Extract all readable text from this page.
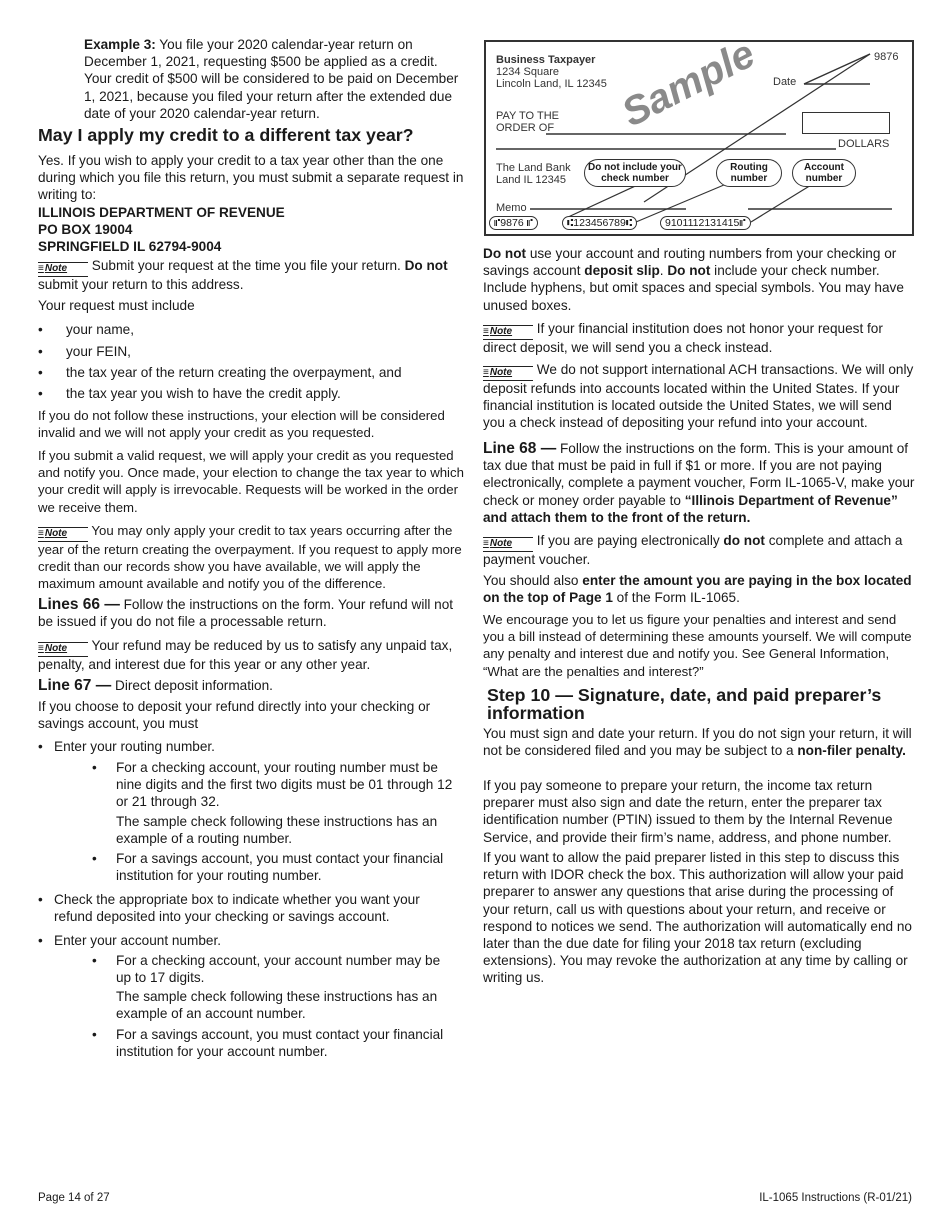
Example 3: You file your 2020 calendar-year return on December 1, 2021, requesting $500 be applied as a credit. Your credit of $500 will be considered to be paid on December 1, 2021, because you filed your return after the extended due date of your 2020 calendar-year return.

May I apply my credit to a different tax year?

Yes. If you wish to apply your credit to a tax year other than the one during which you file this return, you must submit a separate request in writing to:

ILLINOIS DEPARTMENT OF REVENUE
PO BOX 19004
SPRINGFIELD IL 62794-9004

≡ Note Submit your request at the time you file your return. Do not submit your return to this address.

Your request must include

• your name,
• your FEIN,
• the tax year of the return creating the overpayment, and
• the tax year you wish to have the credit apply.

If you do not follow these instructions, your election will be considered invalid and we will not apply your credit as you requested.

If you submit a valid request, we will apply your credit as you requested and notify you. Once made, your election to change the tax year to which your credit will apply is irrevocable. Requests will be worked in the order we receive them.

≡ Note You may only apply your credit to tax years occurring after the year of the return creating the overpayment. If you request to apply more credit than our records show you have available, we will apply the maximum amount available and notify you of the difference.

Lines 66 — Follow the instructions on the form. Your refund will not be issued if you do not file a processable return.

≡ Note Your refund may be reduced by us to satisfy any unpaid tax, penalty, and interest due for this year or any other year.

Line 67 — Direct deposit information.

If you choose to deposit your refund directly into your checking or savings account, you must

• Enter your routing number.
• For a checking account, your routing number must be nine digits and the first two digits must be 01 through 12 or 21 through 32.

The sample check following these instructions has an example of a routing number.

• For a savings account, you must contact your financial institution for your routing number.

• Check the appropriate box to indicate whether you want your refund deposited into your checking or savings account.

• Enter your account number.
• For a checking account, your account number may be up to 17 digits.

The sample check following these instructions has an example of an account number.

• For a savings account, you must contact your financial institution for your account number.

Business Taxpayer
1234 Square
Lincoln Land, IL 12345
9876
Date
PAY TO THE
ORDER OF
DOLLARS
Sample
The Land Bank
Land IL 12345
Do not include your check number
Routing number
Account number
Memo
⑈9876 ⑈	⑆123456789⑆	9101112131415⑈

Do not use your account and routing numbers from your checking or savings account deposit slip. Do not include your check number. Include hyphens, but omit spaces and special symbols. You may have unused boxes.

≡ Note If your financial institution does not honor your request for direct deposit, we will send you a check instead.

≡ Note We do not support international ACH transactions. We will only deposit refunds into accounts located within the United States. If your financial institution is located outside the United States, we will send you a check instead of depositing your refund into your account.

Line 68 — Follow the instructions on the form. This is your amount of tax due that must be paid in full if $1 or more. If you are not paying electronically, complete a payment voucher, Form IL-1065-V, make your check or money order payable to “Illinois Department of Revenue” and attach them to the front of the return.

≡ Note If you are paying electronically do not complete and attach a payment voucher.

You should also enter the amount you are paying in the box located on the top of Page 1 of the Form IL-1065.

We encourage you to let us figure your penalties and interest and send you a bill instead of determining these amounts yourself. We will compute any penalty and interest due and notify you. See General Information, “What are the penalties and interest?”

Step 10 — Signature, date, and paid preparer’s information

You must sign and date your return. If you do not sign your return, it will not be considered filed and you may be subject to a non-filer penalty.

If you pay someone to prepare your return, the income tax return preparer must also sign and date the return, enter the preparer tax identification number (PTIN) issued to them by the Internal Revenue Service, and provide their firm’s name, address, and phone number.

If you want to allow the paid preparer listed in this step to discuss this return with IDOR check the box. This authorization will allow your paid preparer to answer any questions that arise during the processing of your return, call us with questions about your return, and receive or respond to notices we send. The authorization will automatically end no later than the due date for filing your 2018 tax return (excluding extensions). You may revoke the authorization at any time by calling or writing us.

Page 14 of 27	IL-1065 Instructions (R-01/21)
